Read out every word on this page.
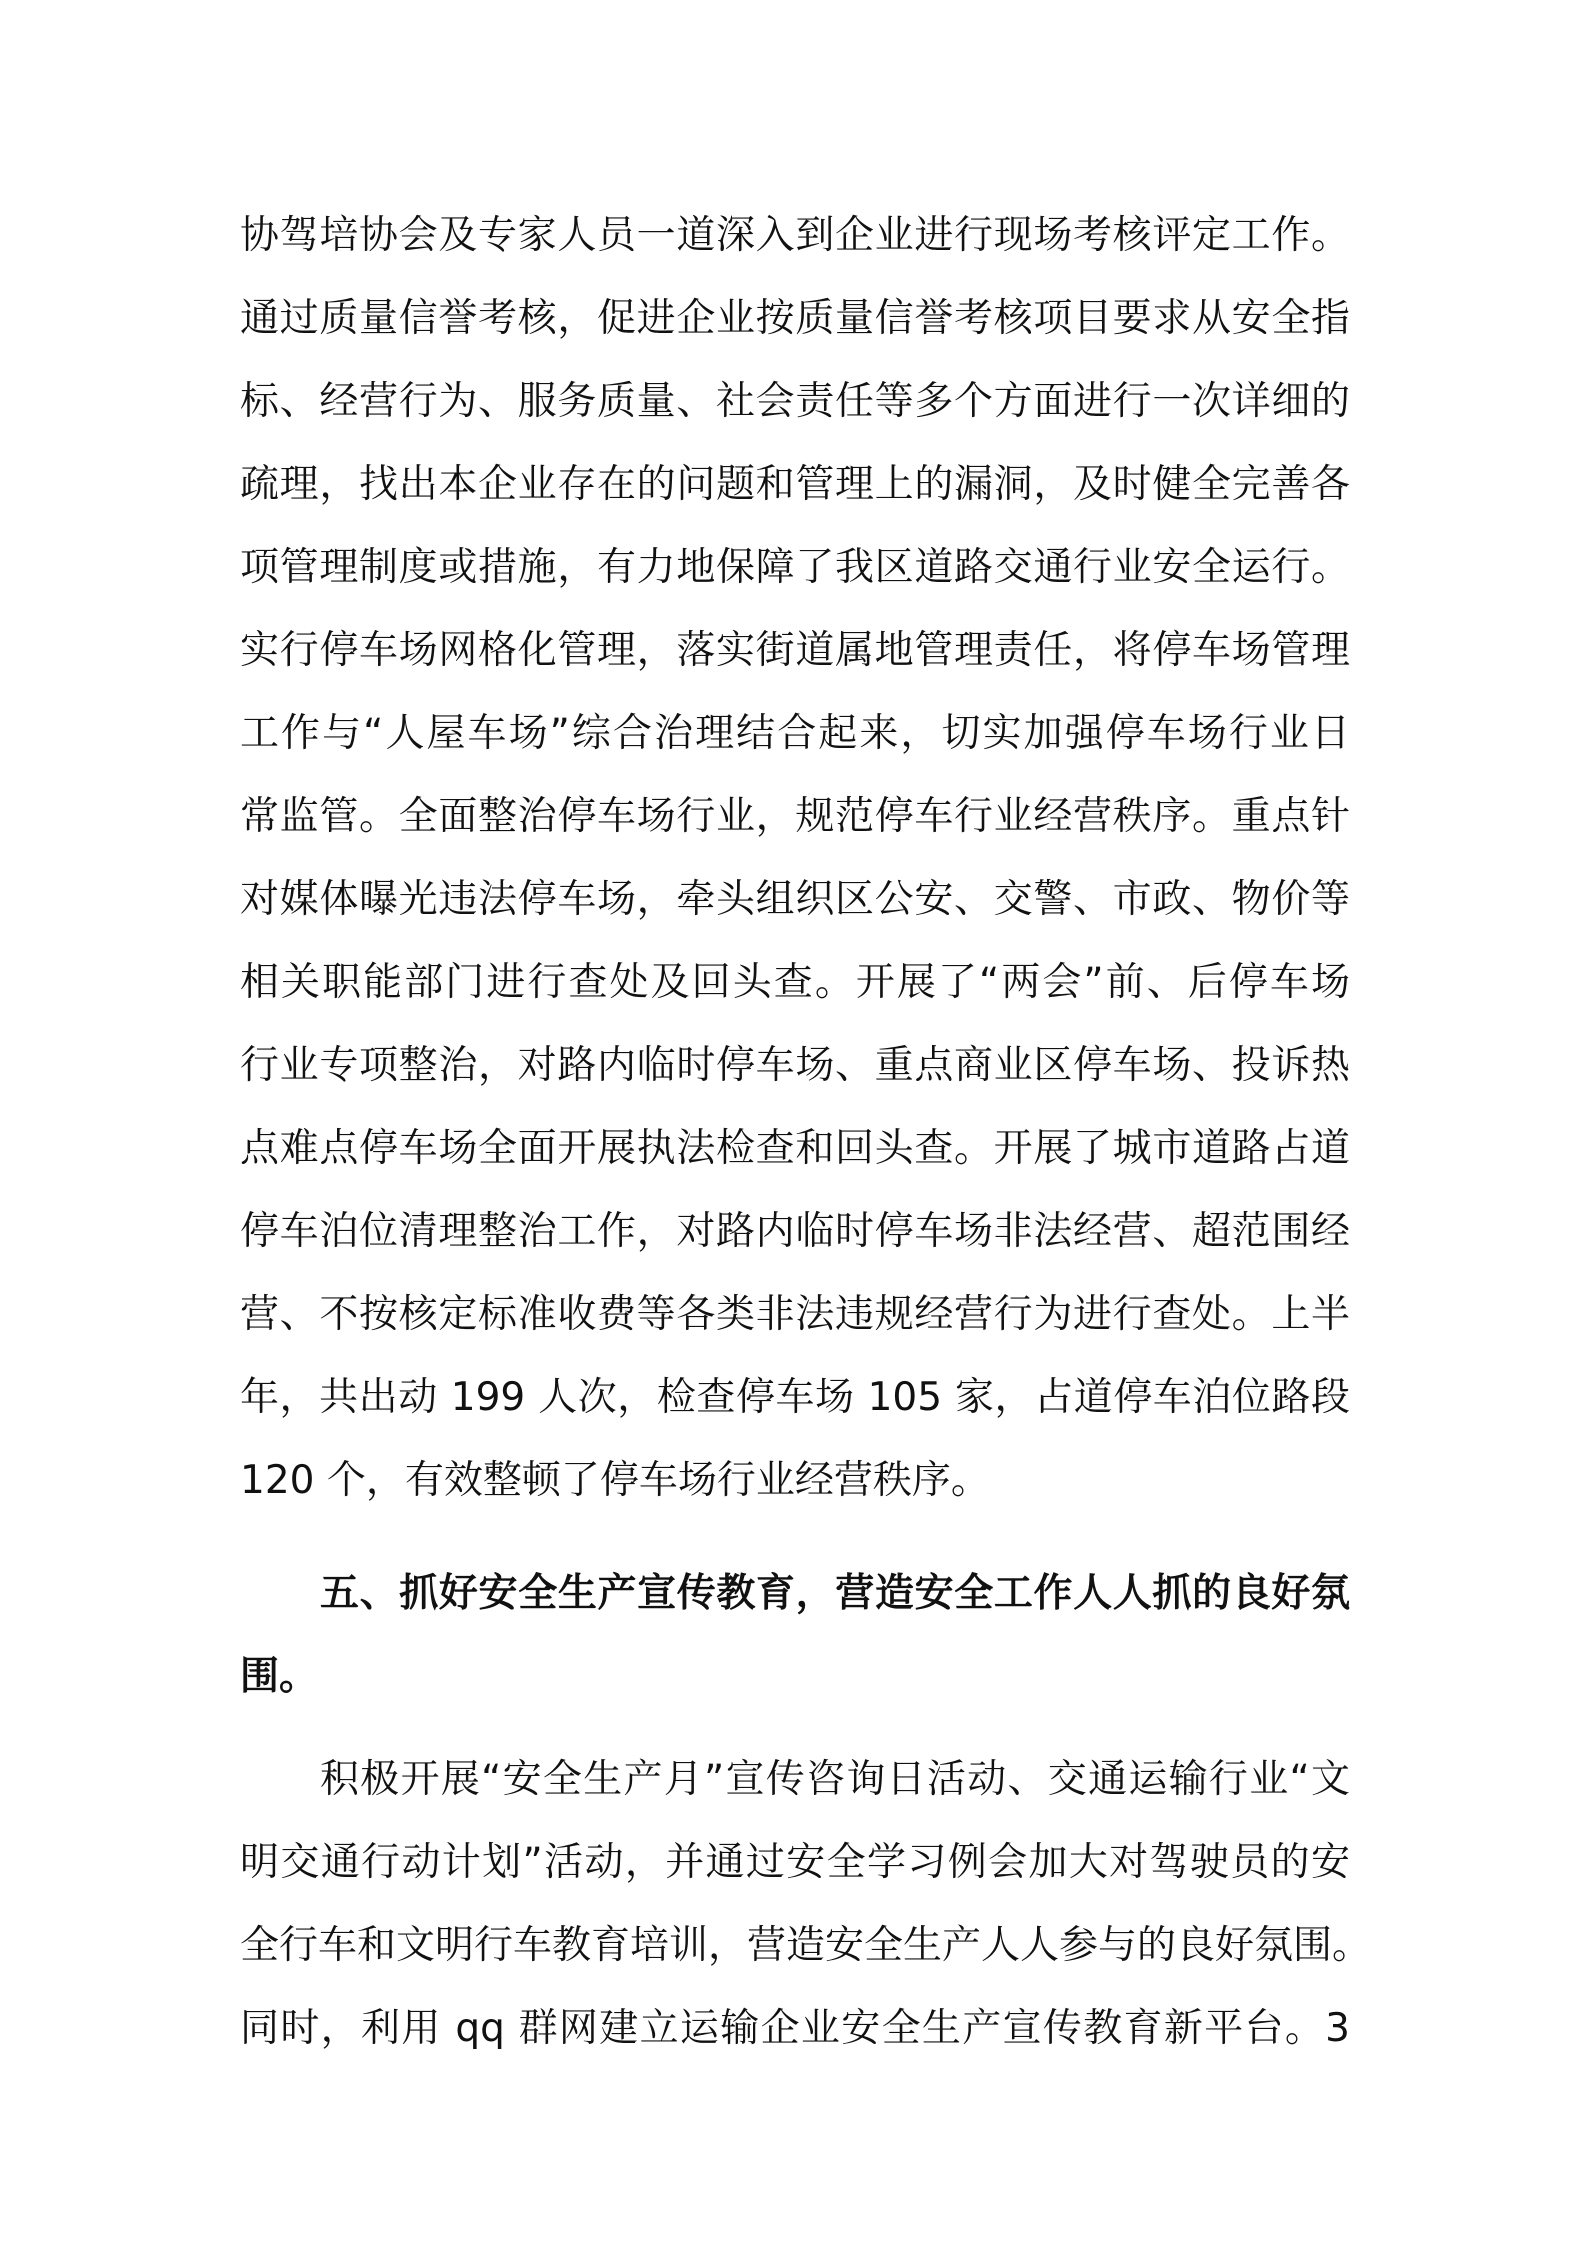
协驾培协会及专家人员一道深入到企业进行现场考核评定工作。
通过质量信誉考核，促进企业按质量信誉考核项目要求从安全指
标、经营行为、服务质量、社会责任等多个方面进行一次详细的
疏理，找出本企业存在的问题和管理上的漏洞，及时健全完善各
项管理制度或措施，有力地保障了我区道路交通行业安全运行。
实行停车场网格化管理，落实街道属地管理责任，将停车场管理
工作与“人屋车场”综合治理结合起来，切实加强停车场行业日
常监管。全面整治停车场行业，规范停车行业经营秩序。重点针
对媒体曝光违法停车场，牵头组织区公安、交警、市政、物价等
相关职能部门进行查处及回头查。开展了“两会”前、后停车场
行业专项整治，对路内临时停车场、重点商业区停车场、投诉热
点难点停车场全面开展执法检查和回头查。开展了城市道路占道
停车泊位清理整治工作，对路内临时停车场非法经营、超范围经
营、不按核定标准收费等各类非法违规经营行为进行查处。上半
年，共出动 199 人次，检查停车场 105 家，占道停车泊位路段
120 个，有效整顿了停车场行业经营秩序。
五、抓好安全生产宣传教育，营造安全工作人人抓的良好氛
围。
积极开展“安全生产月”宣传咨询日活动、交通运输行业“文
明交通行动计划”活动，并通过安全学习例会加大对驾驶员的安
全行车和文明行车教育培训，营造安全生产人人参与的良好氛围。
同时，利用 qq 群网建立运输企业安全生产宣传教育新平台。3
